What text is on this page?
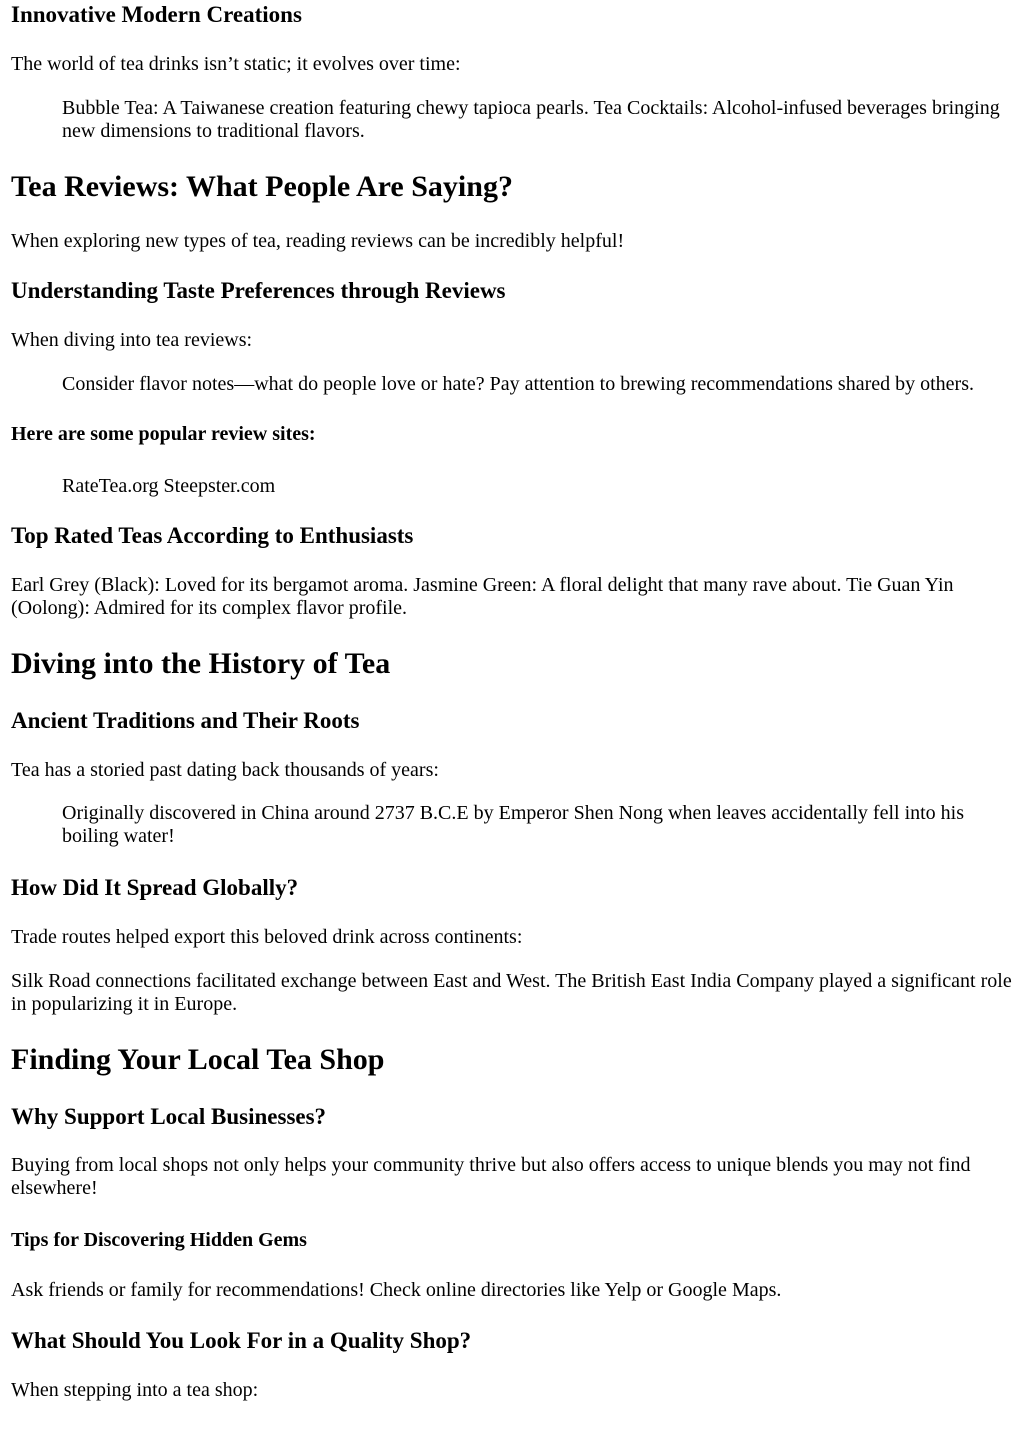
Innovative Modern Creations

The world of tea drinks isn’t static; it evolves over time:

Bubble Tea: A Taiwanese creation featuring chewy tapioca pearls. Tea Cocktails: Alcohol-infused beverages bringing new dimensions to traditional flavors.
Tea Reviews: What People Are Saying?

When exploring new types of tea, reading reviews can be incredibly helpful!

Understanding Taste Preferences through Reviews

When diving into tea reviews:

Consider flavor notes—what do people love or hate? Pay attention to brewing recommendations shared by others.
Here are some popular review sites:
RateTea.org Steepster.com
Top Rated Teas According to Enthusiasts

Earl Grey (Black): Loved for its bergamot aroma. Jasmine Green: A floral delight that many rave about. Tie Guan Yin (Oolong): Admired for its complex flavor profile.

Diving into the History of Tea
Ancient Traditions and Their Roots

Tea has a storied past dating back thousands of years:

Originally discovered in China around 2737 B.C.E by Emperor Shen Nong when leaves accidentally fell into his boiling water!
How Did It Spread Globally?

Trade routes helped export this beloved drink across continents:

Silk Road connections facilitated exchange between East and West. The British East India Company played a significant role in popularizing it in Europe.

Finding Your Local Tea Shop
Why Support Local Businesses?

Buying from local shops not only helps your community thrive but also offers access to unique blends you may not find elsewhere!

Tips for Discovering Hidden Gems

Ask friends or family for recommendations! Check online directories like Yelp or Google Maps.

What Should You Look For in a Quality Shop?

When stepping into a tea shop:
